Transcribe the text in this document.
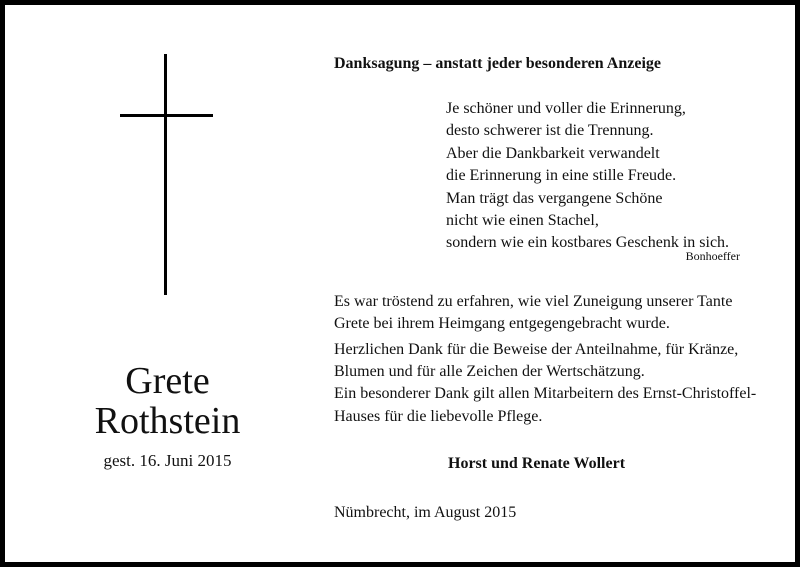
Grete
Rothstein
gest. 16. Juni 2015
Danksagung – anstatt jeder besonderen Anzeige
Je schöner und voller die Erinnerung,
desto schwerer ist die Trennung.
Aber die Dankbarkeit verwandelt
die Erinnerung in eine stille Freude.
Man trägt das vergangene Schöne
nicht wie einen Stachel,
sondern wie ein kostbares Geschenk in sich.
Bonhoeffer
Es war tröstend zu erfahren, wie viel Zuneigung unserer Tante
Grete bei ihrem Heimgang entgegengebracht wurde.
Herzlichen Dank für die Beweise der Anteilnahme, für Kränze,
Blumen und für alle Zeichen der Wertschätzung.
Ein besonderer Dank gilt allen Mitarbeitern des Ernst-Christoffel-
Hauses für die liebevolle Pflege.
Horst und Renate Wollert
Nümbrecht, im August 2015
